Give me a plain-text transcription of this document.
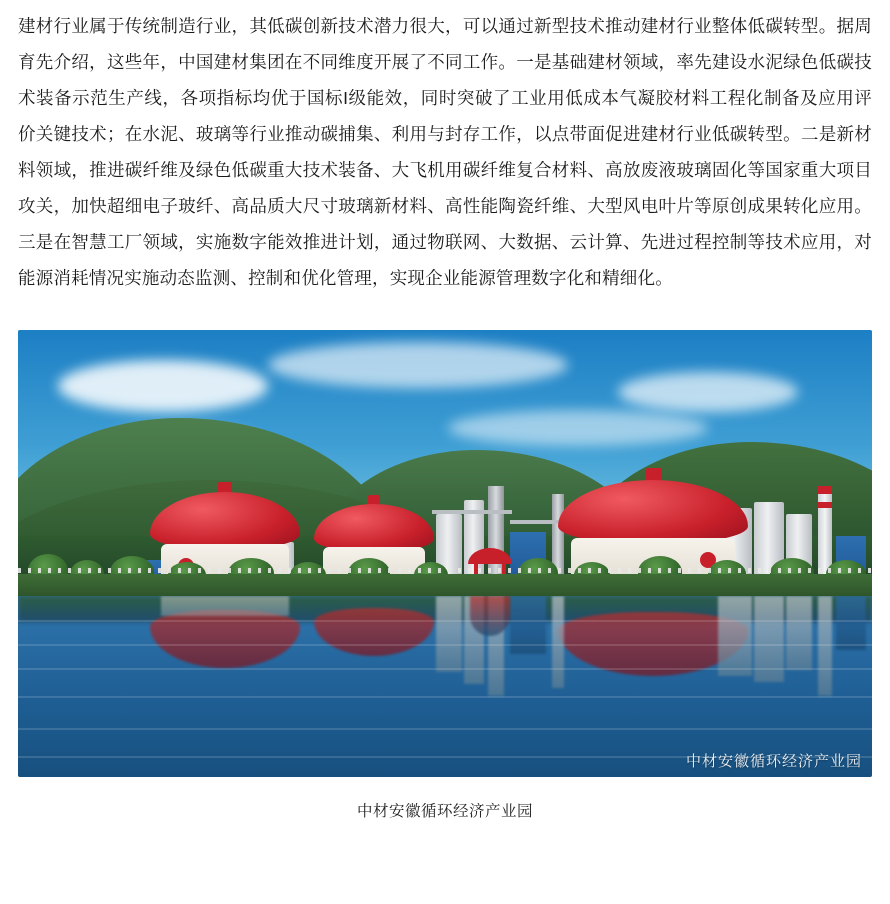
建材行业属于传统制造行业，其低碳创新技术潜力很大，可以通过新型技术推动建材行业整体低碳转型。据周育先介绍，这些年，中国建材集团在不同维度开展了不同工作。一是基础建材领域，率先建设水泥绿色低碳技术装备示范生产线，各项指标均优于国标I级能效，同时突破了工业用低成本气凝胶材料工程化制备及应用评价关键技术；在水泥、玻璃等行业推动碳捕集、利用与封存工作，以点带面促进建材行业低碳转型。二是新材料领域，推进碳纤维及绿色低碳重大技术装备、大飞机用碳纤维复合材料、高放废液玻璃固化等国家重大项目攻关，加快超细电子玻纤、高品质大尺寸玻璃新材料、高性能陶瓷纤维、大型风电叶片等原创成果转化应用。三是在智慧工厂领域，实施数字能效推进计划，通过物联网、大数据、云计算、先进过程控制等技术应用，对能源消耗情况实施动态监测、控制和优化管理，实现企业能源管理数字化和精细化。

中材安徽循环经济产业园
中材安徽循环经济产业园
